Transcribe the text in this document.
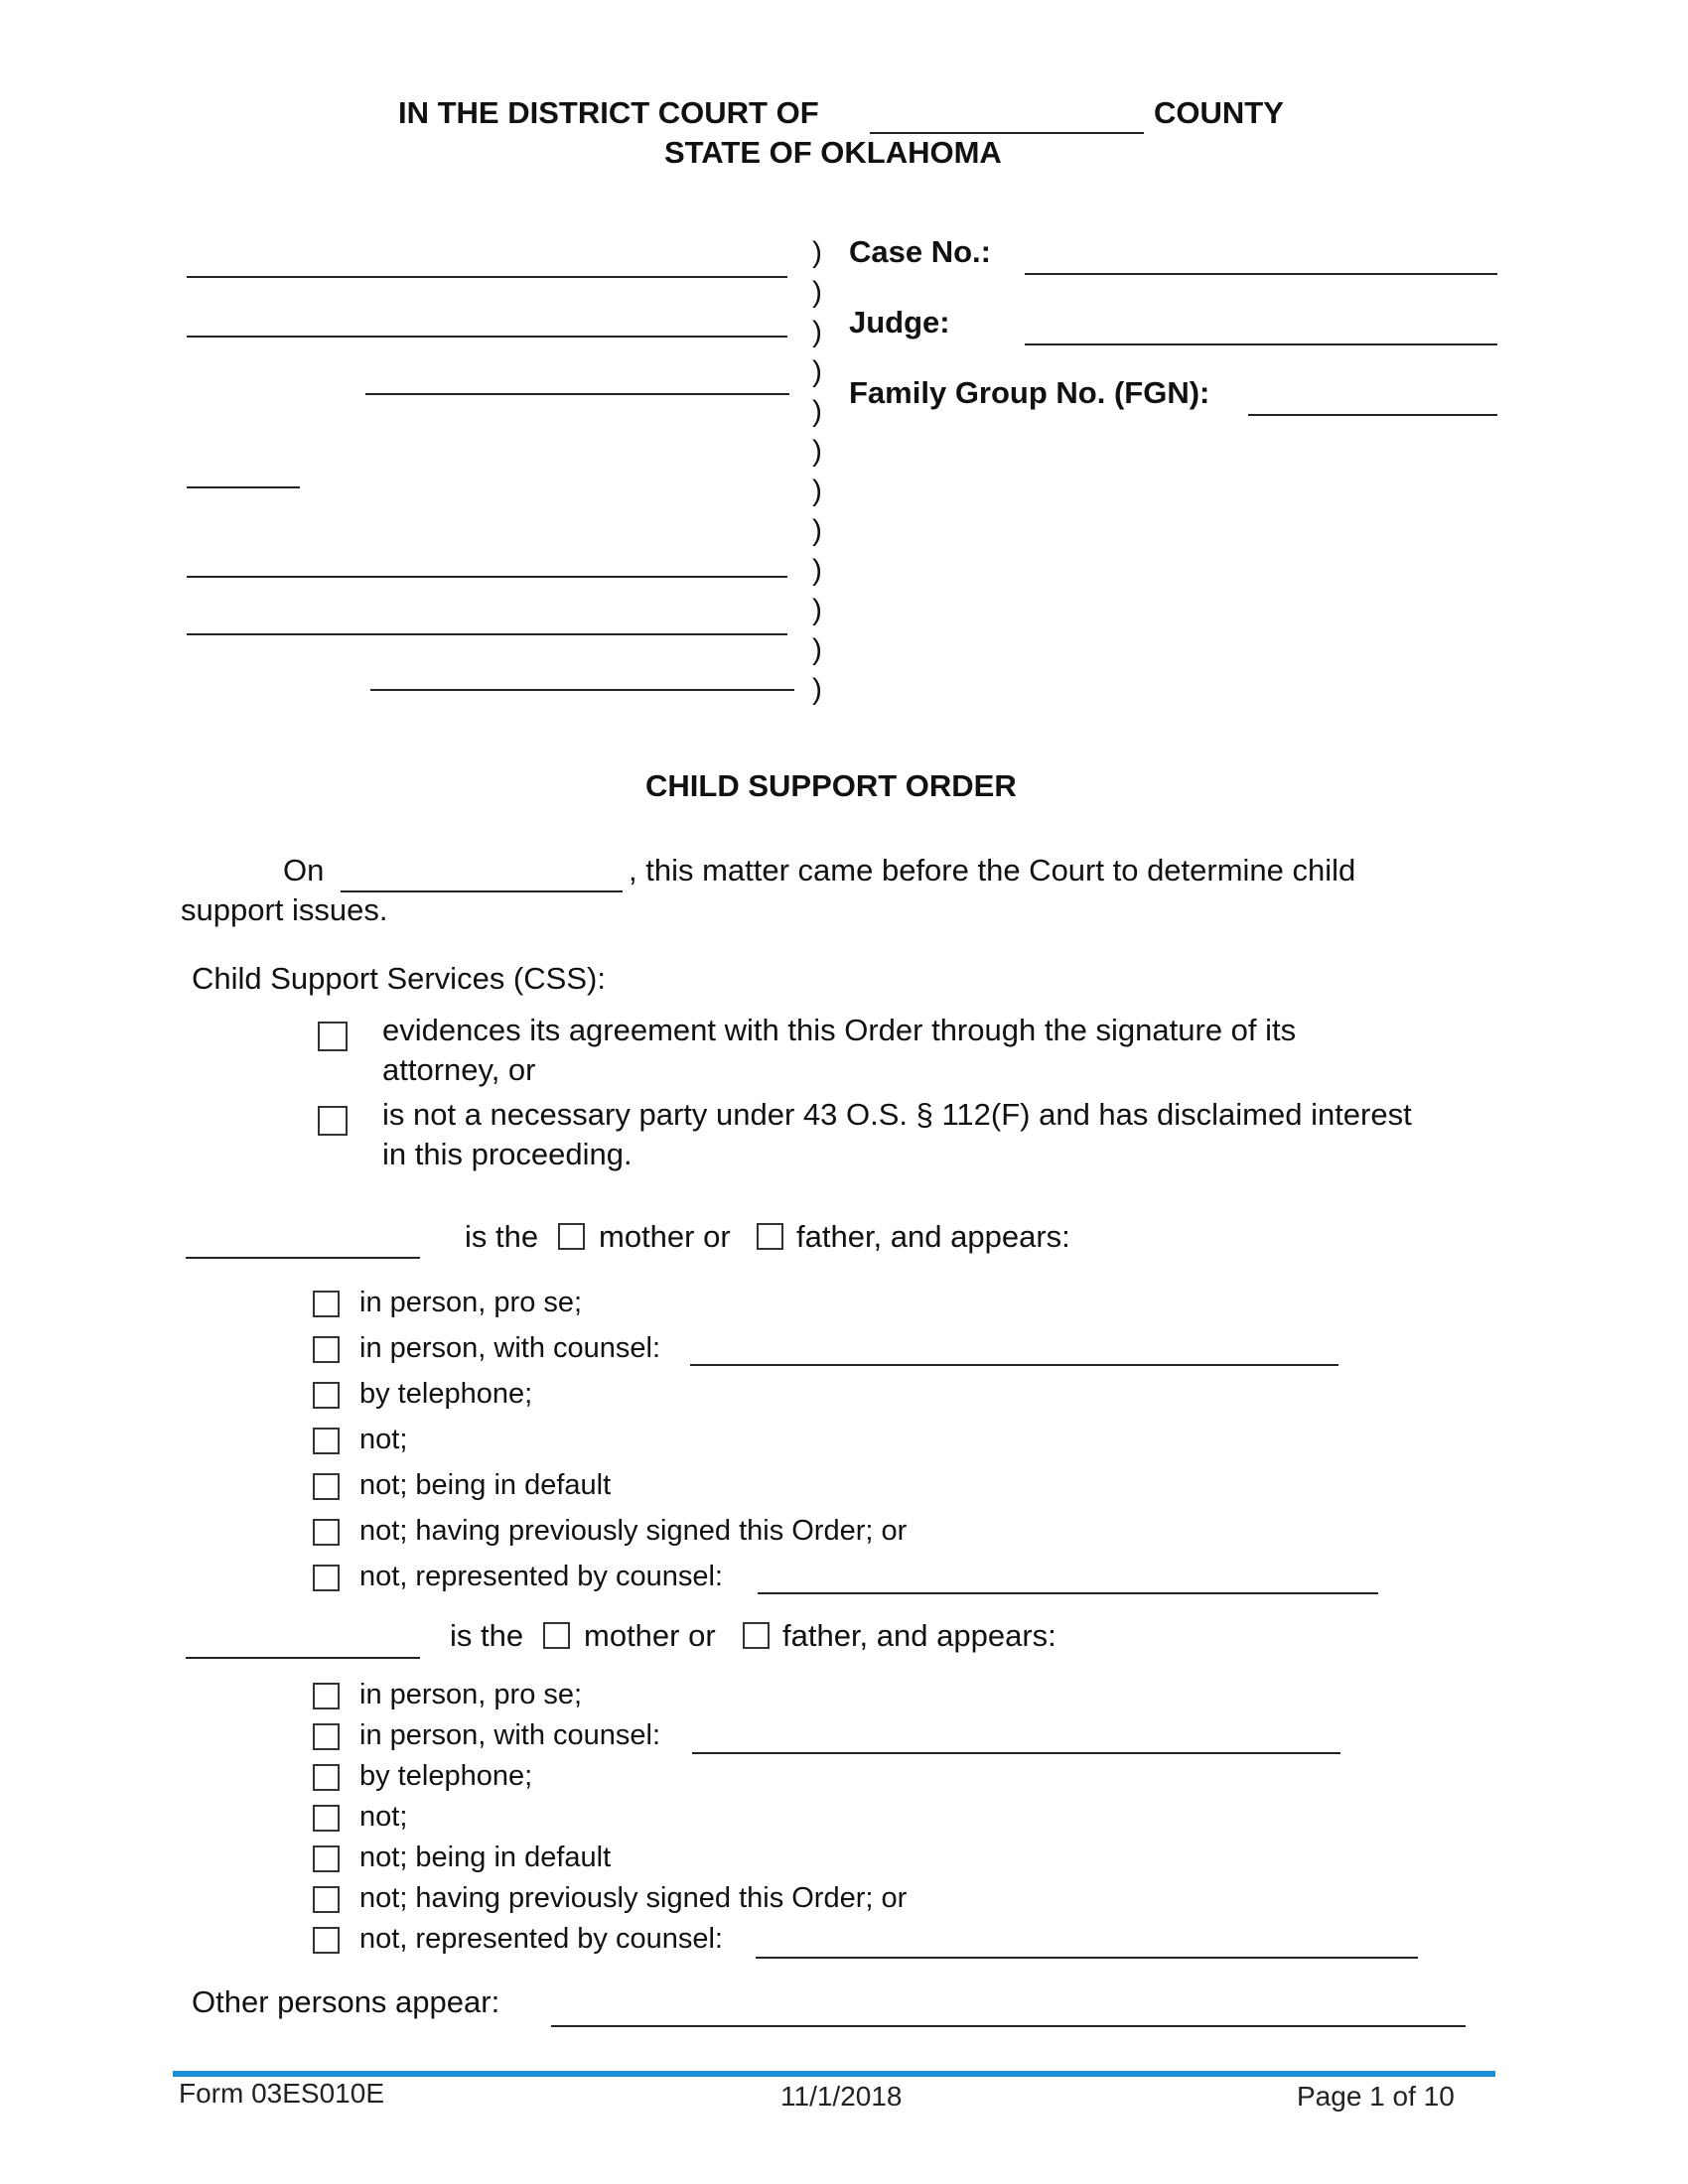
IN THE DISTRICT COURT OF	COUNTY
STATE OF OKLAHOMA
)
)
)
)
)
)
)
)
)
)
)
)
Case No.:
Judge:
Family Group No. (FGN):
CHILD SUPPORT ORDER
On	, this matter came before the Court to determine child
support issues.
Child Support Services (CSS):
evidences its agreement with this Order through the signature of its
attorney, or
is not a necessary party under 43 O.S. § 112(F) and has disclaimed interest
in this proceeding.
is the mother or father, and appears:
in person, pro se;
in person, with counsel:
by telephone;
not;
not; being in default
not; having previously signed this Order; or
not, represented by counsel:
is the mother or father, and appears:
in person, pro se;
in person, with counsel:
by telephone;
not;
not; being in default
not; having previously signed this Order; or
not, represented by counsel:
Other persons appear:
Form 03ES010E	11/1/2018	Page 1 of 10
